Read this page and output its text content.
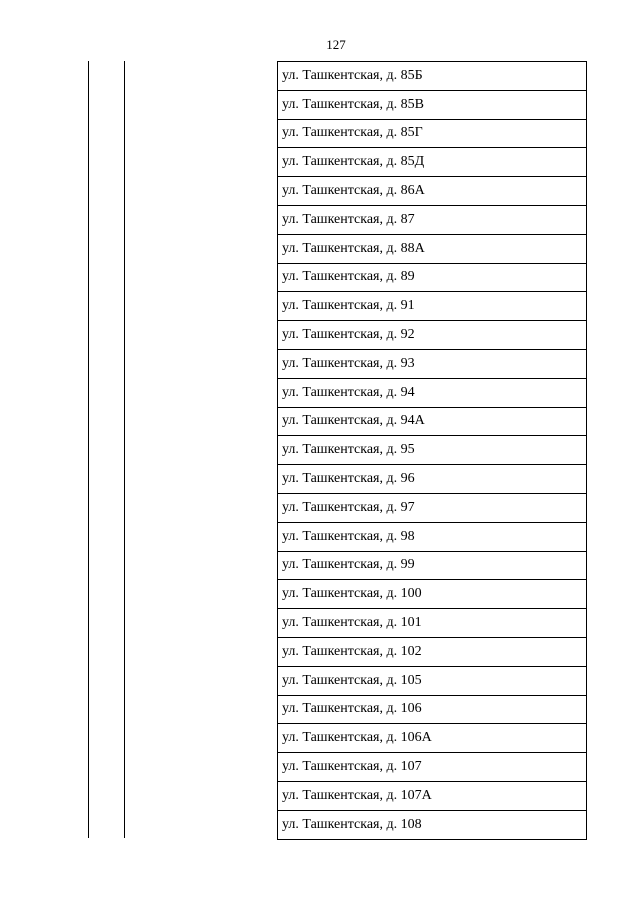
127
ул. Ташкентская, д. 85Б
ул. Ташкентская, д. 85В
ул. Ташкентская, д. 85Г
ул. Ташкентская, д. 85Д
ул. Ташкентская, д. 86А
ул. Ташкентская, д. 87
ул. Ташкентская, д. 88А
ул. Ташкентская, д. 89
ул. Ташкентская, д. 91
ул. Ташкентская, д. 92
ул. Ташкентская, д. 93
ул. Ташкентская, д. 94
ул. Ташкентская, д. 94А
ул. Ташкентская, д. 95
ул. Ташкентская, д. 96
ул. Ташкентская, д. 97
ул. Ташкентская, д. 98
ул. Ташкентская, д. 99
ул. Ташкентская, д. 100
ул. Ташкентская, д. 101
ул. Ташкентская, д. 102
ул. Ташкентская, д. 105
ул. Ташкентская, д. 106
ул. Ташкентская, д. 106А
ул. Ташкентская, д. 107
ул. Ташкентская, д. 107А
ул. Ташкентская, д. 108
